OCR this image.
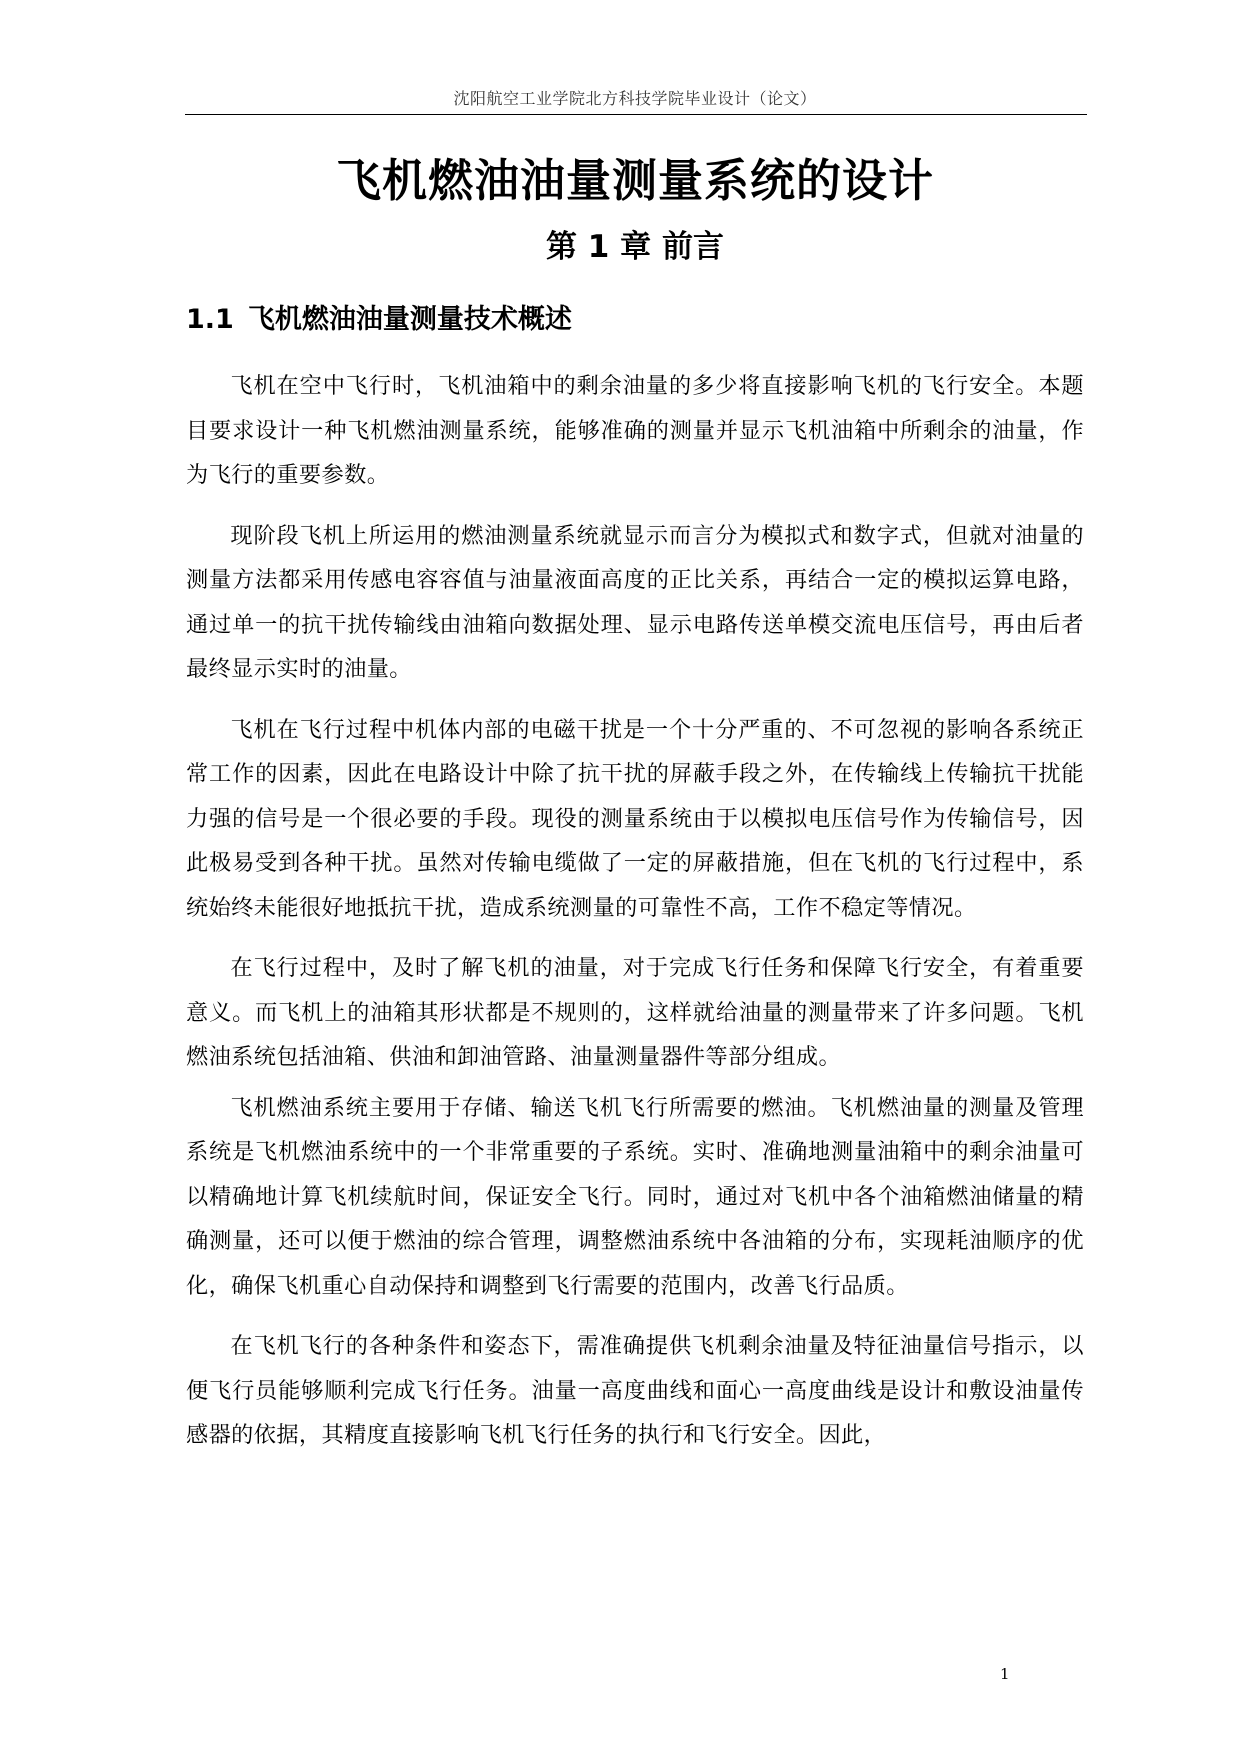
沈阳航空工业学院北方科技学院毕业设计（论文）
飞机燃油油量测量系统的设计
第 1 章 前言
1.1 飞机燃油油量测量技术概述

飞机在空中飞行时，飞机油箱中的剩余油量的多少将直接影响飞机的飞行安全。本题目要求设计一种飞机燃油测量系统，能够准确的测量并显示飞机油箱中所剩余的油量，作为飞行的重要参数。

现阶段飞机上所运用的燃油测量系统就显示而言分为模拟式和数字式，但就对油量的测量方法都采用传感电容容值与油量液面高度的正比关系，再结合一定的模拟运算电路，通过单一的抗干扰传输线由油箱向数据处理、显示电路传送单模交流电压信号，再由后者最终显示实时的油量。

飞机在飞行过程中机体内部的电磁干扰是一个十分严重的、不可忽视的影响各系统正常工作的因素，因此在电路设计中除了抗干扰的屏蔽手段之外，在传输线上传输抗干扰能力强的信号是一个很必要的手段。现役的测量系统由于以模拟电压信号作为传输信号，因此极易受到各种干扰。虽然对传输电缆做了一定的屏蔽措施，但在飞机的飞行过程中，系统始终未能很好地抵抗干扰，造成系统测量的可靠性不高，工作不稳定等情况。

在飞行过程中，及时了解飞机的油量，对于完成飞行任务和保障飞行安全，有着重要意义。而飞机上的油箱其形状都是不规则的，这样就给油量的测量带来了许多问题。飞机燃油系统包括油箱、供油和卸油管路、油量测量器件等部分组成。

飞机燃油系统主要用于存储、输送飞机飞行所需要的燃油。飞机燃油量的测量及管理系统是飞机燃油系统中的一个非常重要的子系统。实时、准确地测量油箱中的剩余油量可以精确地计算飞机续航时间，保证安全飞行。同时，通过对飞机中各个油箱燃油储量的精确测量，还可以便于燃油的综合管理，调整燃油系统中各油箱的分布，实现耗油顺序的优化，确保飞机重心自动保持和调整到飞行需要的范围内，改善飞行品质。

在飞机飞行的各种条件和姿态下，需准确提供飞机剩余油量及特征油量信号指示，以便飞行员能够顺利完成飞行任务。油量一高度曲线和面心一高度曲线是设计和敷设油量传感器的依据，其精度直接影响飞机飞行任务的执行和飞行安全。因此，

1
